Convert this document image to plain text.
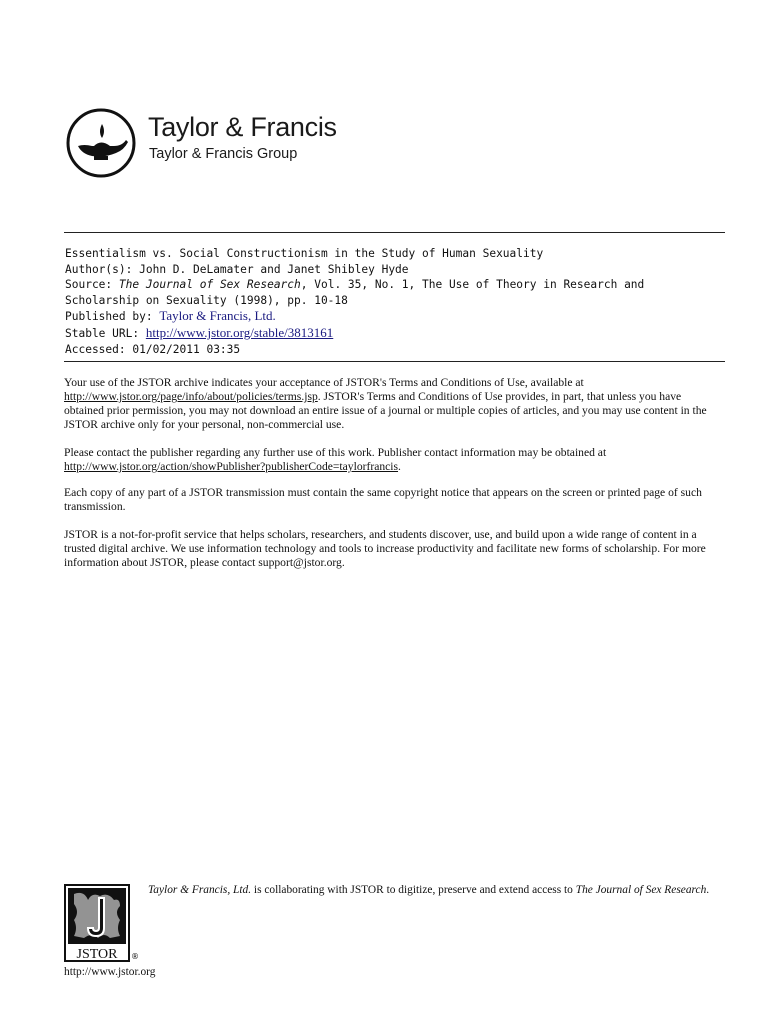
Taylor & Francis
Taylor & Francis Group
Essentialism vs. Social Constructionism in the Study of Human Sexuality
Author(s): John D. DeLamater and Janet Shibley Hyde
Source: The Journal of Sex Research, Vol. 35, No. 1, The Use of Theory in Research and
Scholarship on Sexuality (1998), pp. 10-18
Published by: Taylor & Francis, Ltd.
Stable URL: http://www.jstor.org/stable/3813161
Accessed: 01/02/2011 03:35

Your use of the JSTOR archive indicates your acceptance of JSTOR's Terms and Conditions of Use, available at http://www.jstor.org/page/info/about/policies/terms.jsp. JSTOR's Terms and Conditions of Use provides, in part, that unless you have obtained prior permission, you may not download an entire issue of a journal or multiple copies of articles, and you may use content in the JSTOR archive only for your personal, non-commercial use.

Please contact the publisher regarding any further use of this work. Publisher contact information may be obtained at http://www.jstor.org/action/showPublisher?publisherCode=taylorfrancis.

Each copy of any part of a JSTOR transmission must contain the same copyright notice that appears on the screen or printed page of such transmission.

JSTOR is a not-for-profit service that helps scholars, researchers, and students discover, use, and build upon a wide range of content in a trusted digital archive. We use information technology and tools to increase productivity and facilitate new forms of scholarship. For more information about JSTOR, please contact support@jstor.org.

JSTOR ®
http://www.jstor.org
Taylor & Francis, Ltd. is collaborating with JSTOR to digitize, preserve and extend access to The Journal of Sex Research.
